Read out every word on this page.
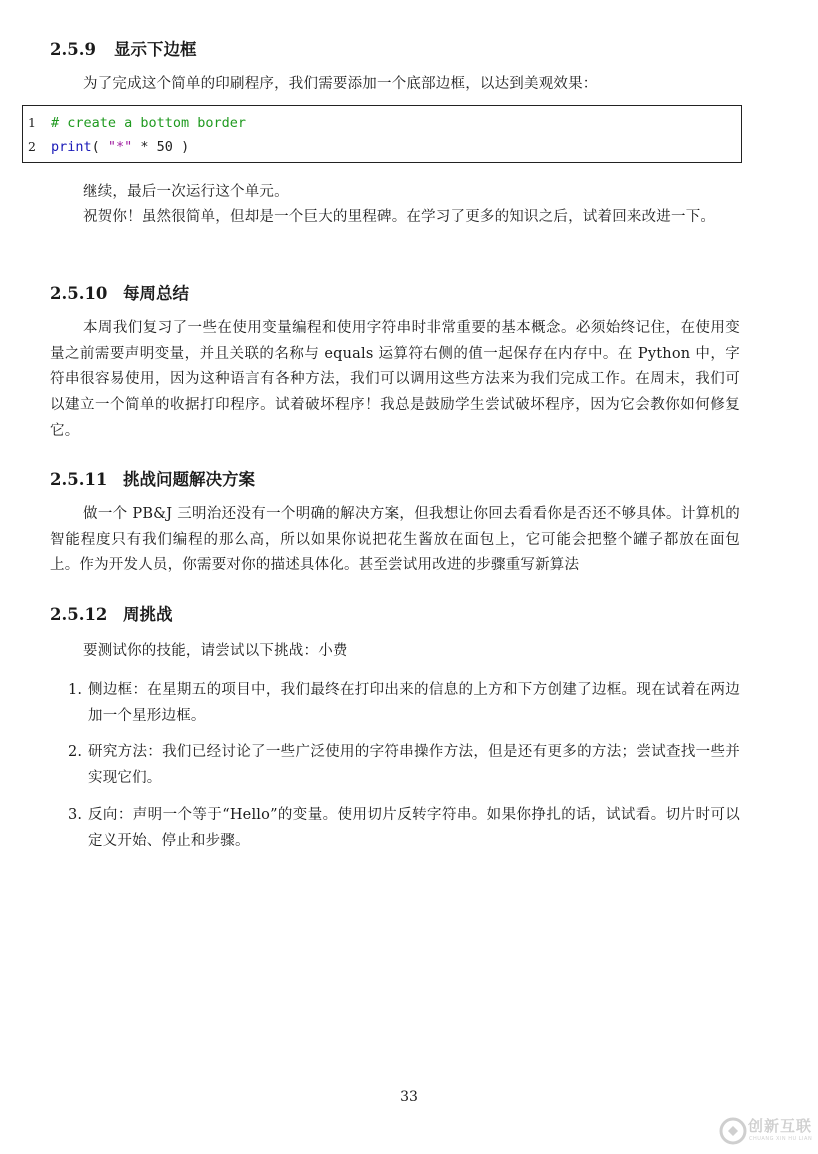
2.5.9 显示下边框

为了完成这个简单的印刷程序，我们需要添加一个底部边框，以达到美观效果：

1 # create a bottom border
2 print( "*" * 50 )

继续，最后一次运行这个单元。

祝贺你！虽然很简单，但却是一个巨大的里程碑。在学习了更多的知识之后，试着回来改进一下。

2.5.10 每周总结

本周我们复习了一些在使用变量编程和使用字符串时非常重要的基本概念。必须始终记住，在使用变量之前需要声明变量，并且关联的名称与 equals 运算符右侧的值一起保存在内存中。在 Python 中，字符串很容易使用，因为这种语言有各种方法，我们可以调用这些方法来为我们完成工作。在周末，我们可以建立一个简单的收据打印程序。试着破坏程序！我总是鼓励学生尝试破坏程序，因为它会教你如何修复它。

2.5.11 挑战问题解决方案

做一个 PB&J 三明治还没有一个明确的解决方案，但我想让你回去看看你是否还不够具体。计算机的智能程度只有我们编程的那么高，所以如果你说把花生酱放在面包上，它可能会把整个罐子都放在面包上。作为开发人员，你需要对你的描述具体化。甚至尝试用改进的步骤重写新算法

2.5.12 周挑战

要测试你的技能，请尝试以下挑战：小费

1. 侧边框：在星期五的项目中，我们最终在打印出来的信息的上方和下方创建了边框。现在试着在两边加一个星形边框。
2. 研究方法：我们已经讨论了一些广泛使用的字符串操作方法，但是还有更多的方法；尝试查找一些并实现它们。
3. 反向：声明一个等于“Hello”的变量。使用切片反转字符串。如果你挣扎的话，试试看。切片时可以定义开始、停止和步骤。
33
创新互联
CHUANG XIN HU LIAN
